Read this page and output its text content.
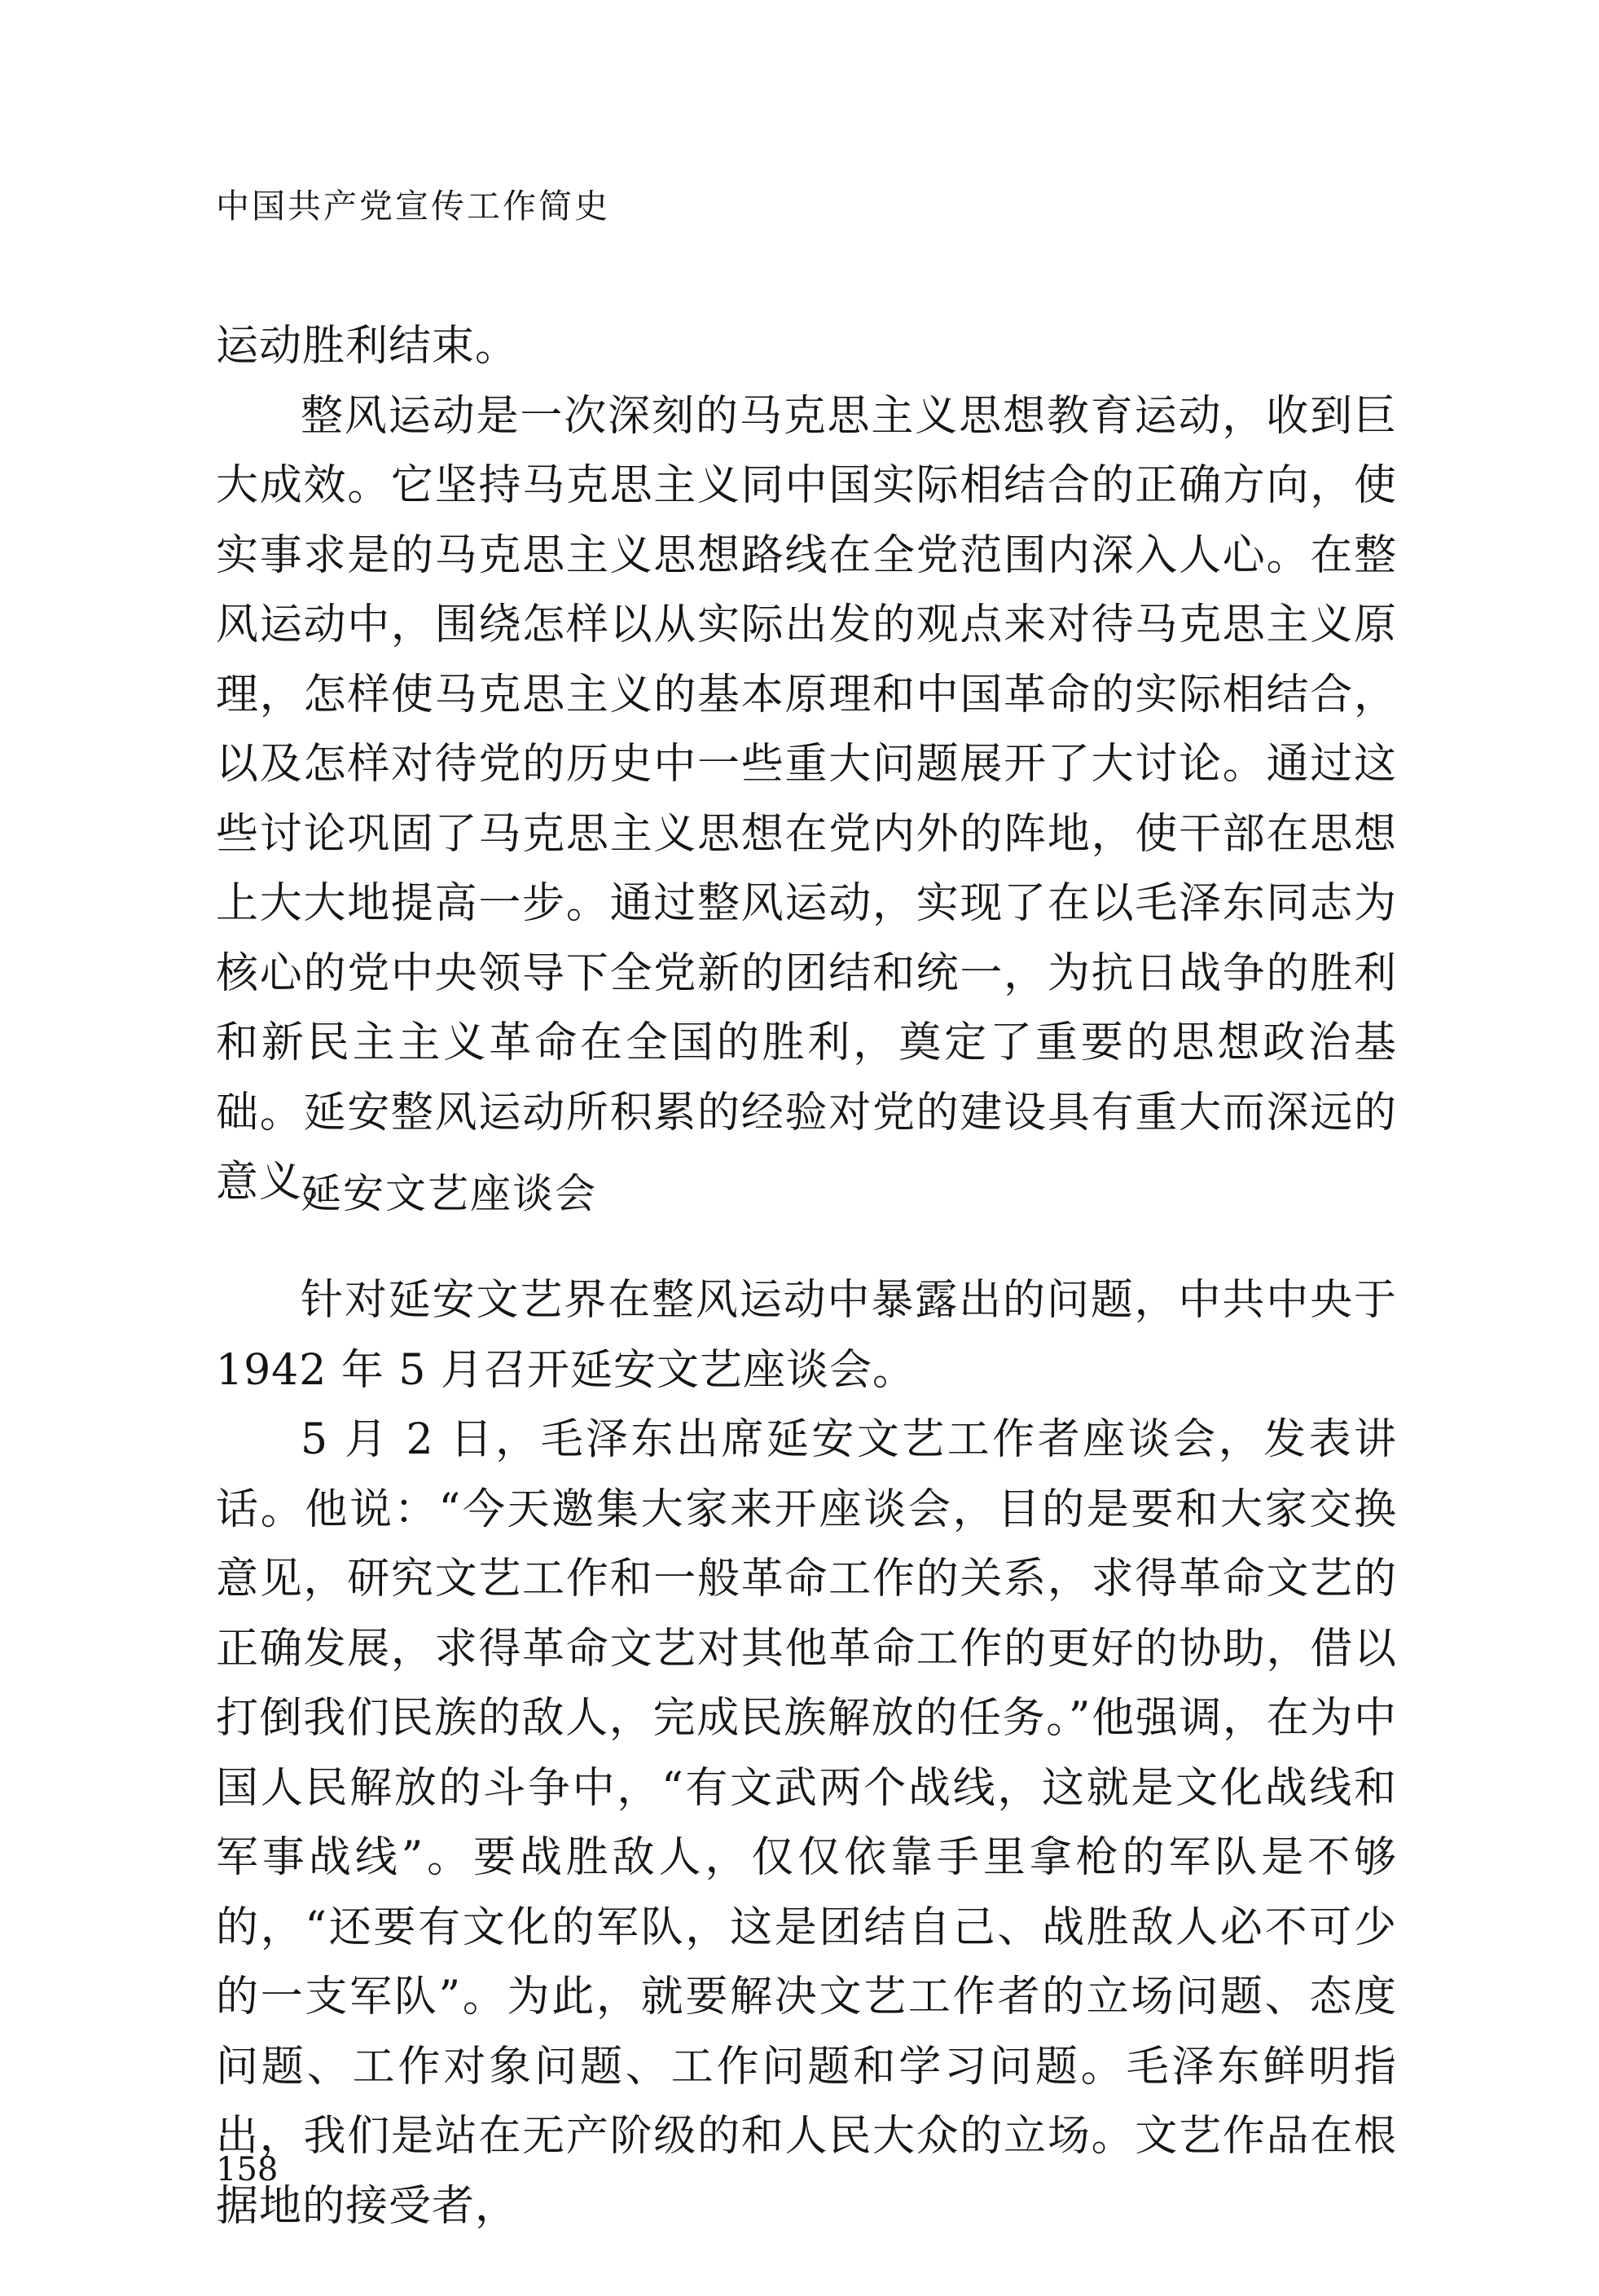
中国共产党宣传工作简史

运动胜利结束。

整风运动是一次深刻的马克思主义思想教育运动，收到巨大成效。它坚持马克思主义同中国实际相结合的正确方向，使实事求是的马克思主义思想路线在全党范围内深入人心。在整风运动中，围绕怎样以从实际出发的观点来对待马克思主义原理，怎样使马克思主义的基本原理和中国革命的实际相结合，以及怎样对待党的历史中一些重大问题展开了大讨论。通过这些讨论巩固了马克思主义思想在党内外的阵地，使干部在思想上大大地提高一步。通过整风运动，实现了在以毛泽东同志为核心的党中央领导下全党新的团结和统一，为抗日战争的胜利和新民主主义革命在全国的胜利，奠定了重要的思想政治基础。延安整风运动所积累的经验对党的建设具有重大而深远的意义。

延安文艺座谈会

针对延安文艺界在整风运动中暴露出的问题，中共中央于 1942 年 5 月召开延安文艺座谈会。

5 月 2 日，毛泽东出席延安文艺工作者座谈会，发表讲话。他说：“今天邀集大家来开座谈会，目的是要和大家交换意见，研究文艺工作和一般革命工作的关系，求得革命文艺的正确发展，求得革命文艺对其他革命工作的更好的协助，借以打倒我们民族的敌人，完成民族解放的任务。”他强调，在为中国人民解放的斗争中，“有文武两个战线，这就是文化战线和军事战线”。要战胜敌人，仅仅依靠手里拿枪的军队是不够的，“还要有文化的军队，这是团结自己、战胜敌人必不可少的一支军队”。为此，就要解决文艺工作者的立场问题、态度问题、工作对象问题、工作问题和学习问题。毛泽东鲜明指出，我们是站在无产阶级的和人民大众的立场。文艺作品在根据地的接受者，

158
